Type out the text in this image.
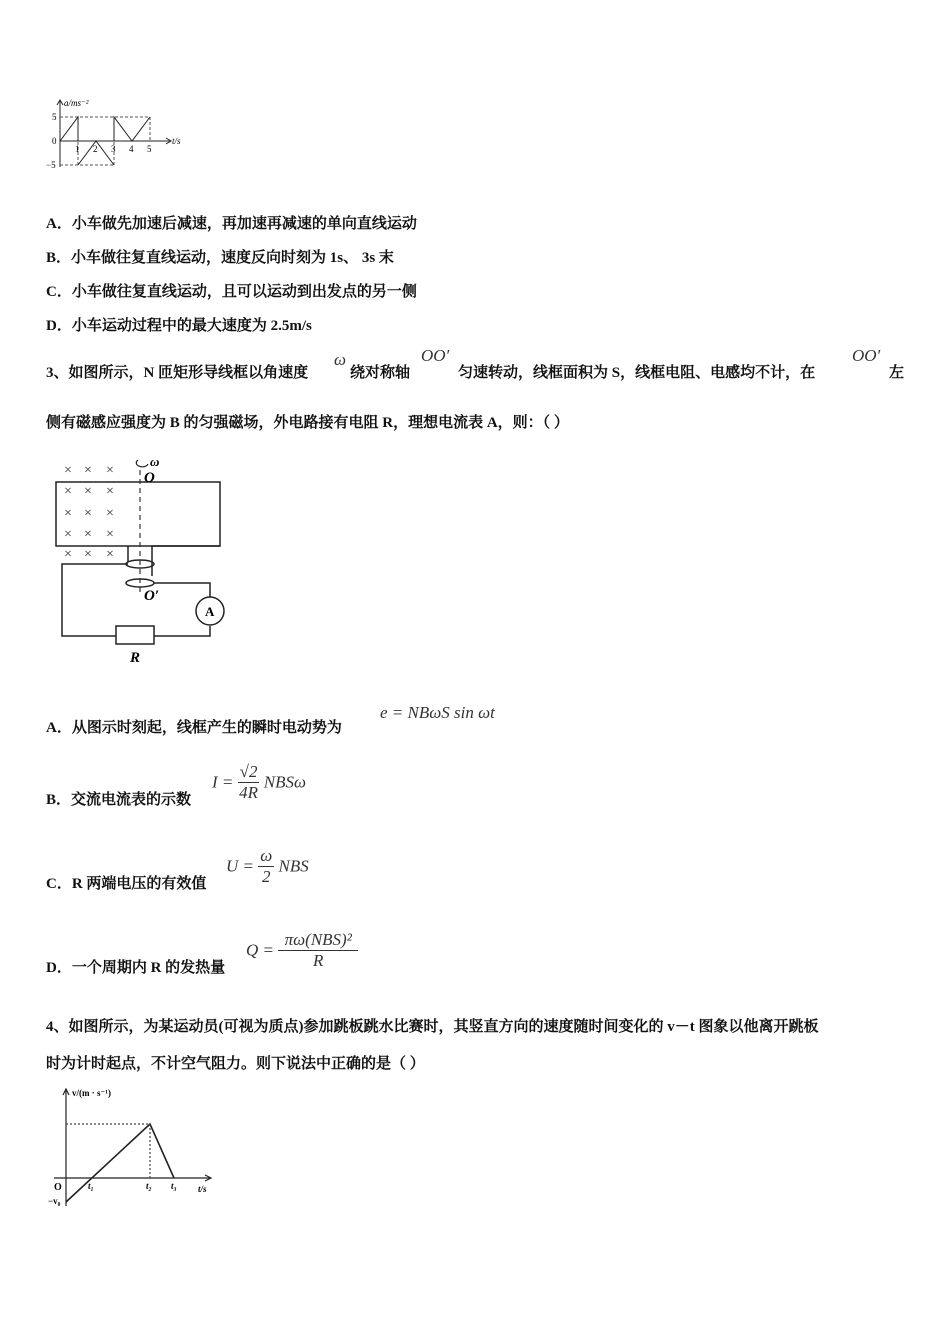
a/ms⁻²
t/s
5
0
−5
1 2 3 4 5
A．小车做先加速后减速，再加速再减速的单向直线运动
B．小车做往复直线运动，速度反向时刻为 1s、 3s 末
C．小车做往复直线运动，且可以运动到出发点的另一侧
D．小车运动过程中的最大速度为 2.5m/s
3、如图所示，N 匝矩形导线框以角速度
ω
绕对称轴
OO′
匀速转动，线框面积为 S，线框电阻、电感均不计，在
OO′
左
侧有磁感应强度为 B 的匀强磁场，外电路接有电阻 R，理想电流表 A，则：（ ）
× × ×
× × ×
× × ×
× × ×
× × ×
ω
O
O′
A
R
A．从图示时刻起，线框产生的瞬时电动势为
e = NBωS sin ωt
B．交流电流表的示数
$I = \frac{√2}{4R}$ NBSω
C．R 两端电压的有效值
$U = \frac{\omega}{2}$ NBS
D．一个周期内 R 的发热量
$Q = \frac{\text{πω(NBS)²}}{R}$
4、如图所示，为某运动员(可视为质点)参加跳板跳水比赛时，其竖直方向的速度随时间变化的 v－t 图象以他离开跳板
时为计时起点，不计空气阻力。则下说法中正确的是（ ）
v/(m · s⁻¹)
t/s
O
−v₀
t₁	t₂ t₃
